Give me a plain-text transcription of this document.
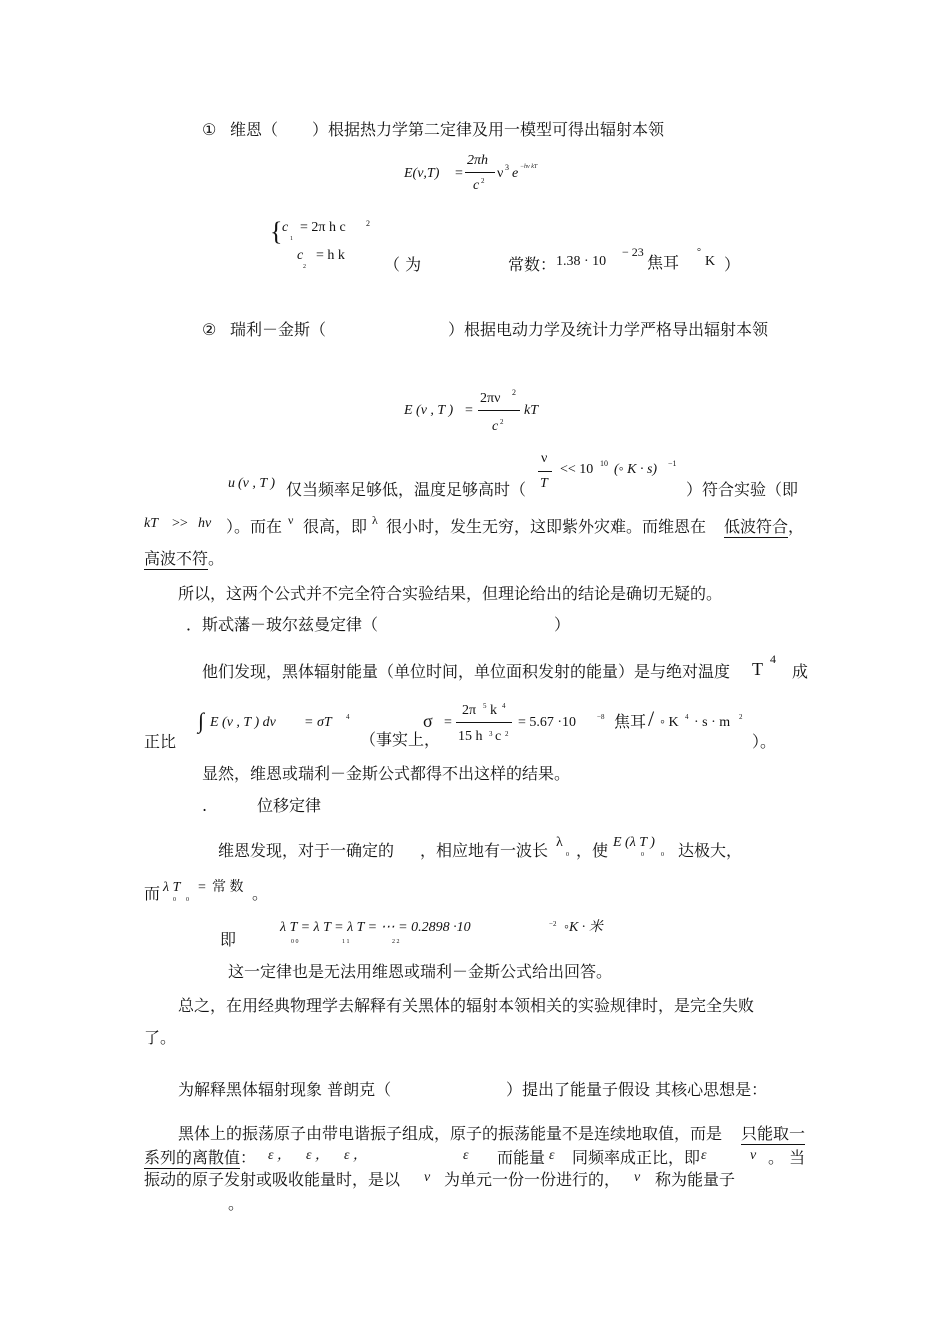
① 维恩（ ）根据热力学第二定律及用一模型可得出辐射本领
E(ν,T) =
2πh
c 2 ν 3 e −hν kT
{ c
1
= 2π h c	2
c
2
= h k （ 为	常数： 1.38 · 10
− 23
焦耳
°
K ）
② 瑞利－金斯（	）根据电动力学及统计力学严格导出辐射本领
E (ν , T ) =
2πν 2
c 2
kT
u (ν , T ) 仅当频率足够低，温度足够高时（
ν
T
<< 10 10 (◦ K · s) −1
）符合实验（即
kT >> hν ）。而在 ν 很高，即 λ 很小时，发生无穷，这即紫外灾难。而维恩在 低波符合 ，
高波不符 。
所以，这两个公式并不完全符合实验结果，但理论给出的结论是确切无疑的。
．斯忒藩－玻尔兹曼定律（	）
他们发现，黑体辐射能量（单位时间，单位面积发射的能量）是与绝对温度 T 4
成
正比
∫ E (ν , T ) dν = σT 4
（事实上，
σ =
2π 5 k 4
15 h 3 c 2
= 5.67 ·10	−8 焦耳 / ◦ K 4 · s · m 2
）。
显然，维恩或瑞利－金斯公式都得不出这样的结果。
.	位移定律
维恩发现，对于一确定的 ，相应地有一波长 λ
0 ，使 E (λ T )
0	0 达极大，
而 λ T
0 0
= 常 数 。
即
λ T = λ T = λ T = ⋯ = 0.2898 ·10
0 0	1 1	2 2
−2 ◦K · 米
这一定律也是无法用维恩或瑞利－金斯公式给出回答。
总之，在用经典物理学去解释有关黑体的辐射本领相关的实验规律时，是完全失败
了。
为解释黑体辐射现象 普朗克（	）提出了能量子假设 其核心思想是：
黑体上的振荡原子由带电谐振子组成，原子的振荡能量不是连续地取值，而是 只能取一
系列的离散值 ： ε ， ε ， ε ，	ε 而能量 ε 同频率成正比，即 ε	ν 。 当
振动的原子发射或吸收能量时，是以 ν 为单元一份一份进行的， ν 称为能量子
。
